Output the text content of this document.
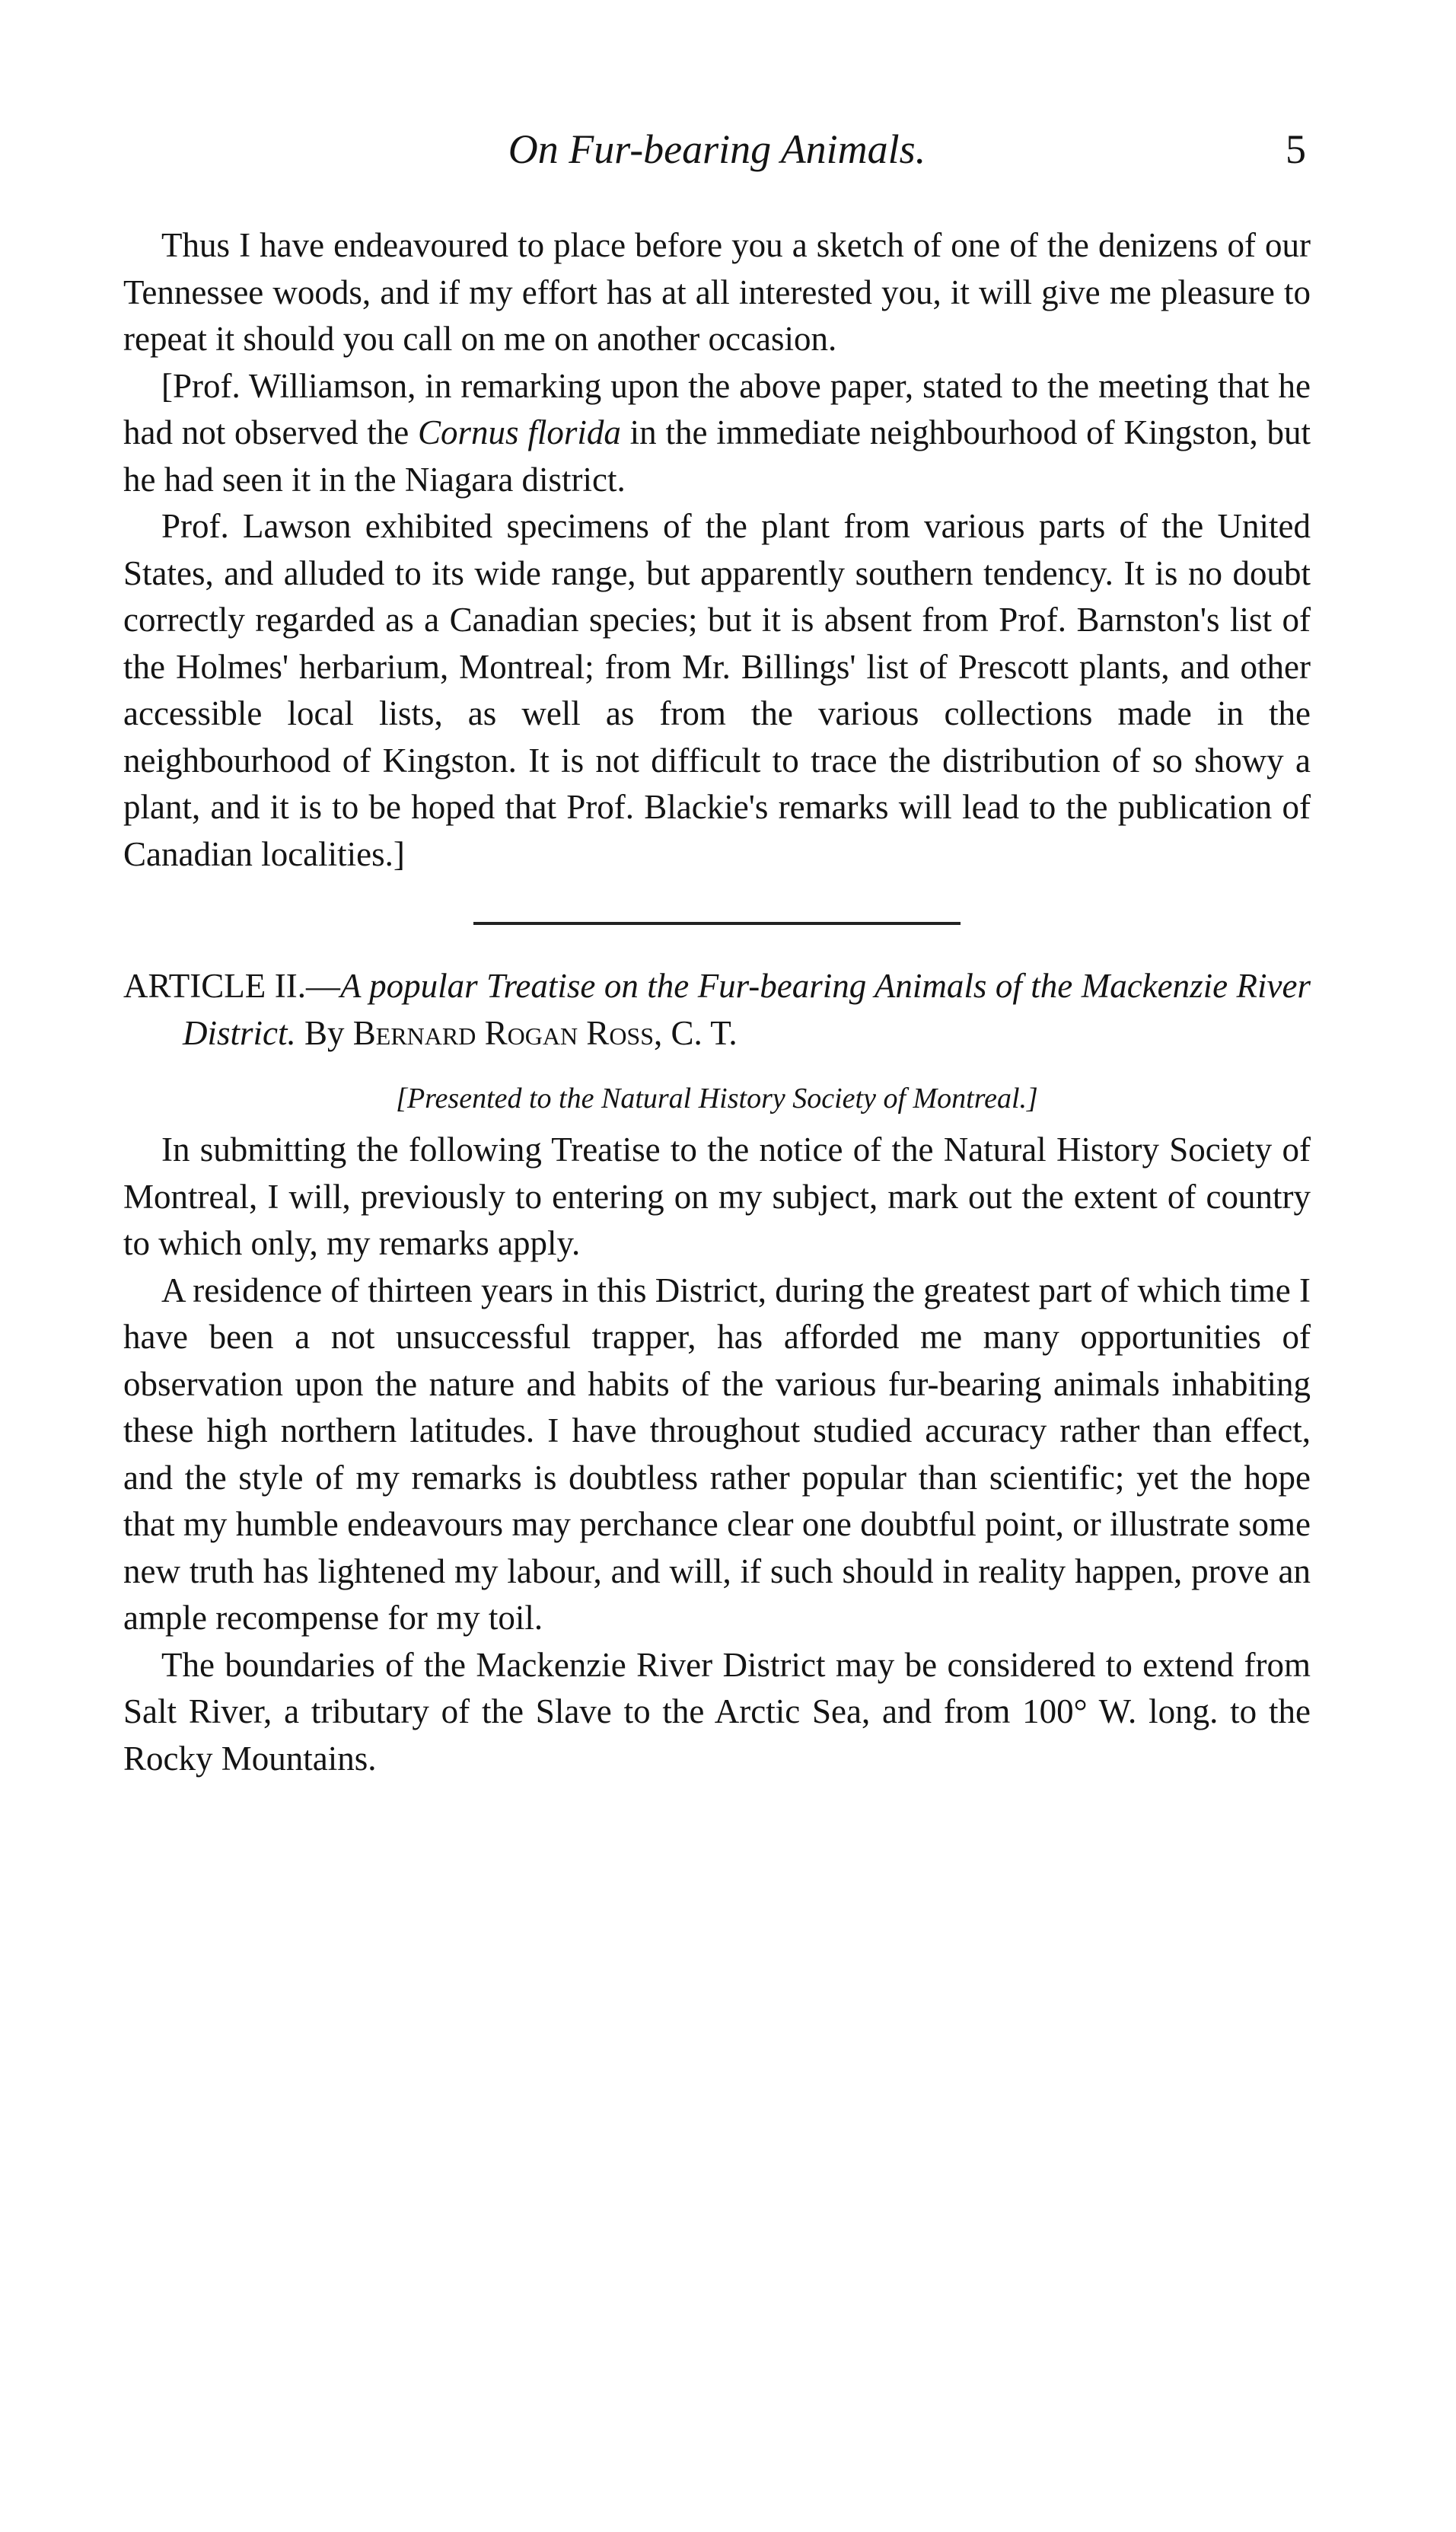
On Fur-bearing Animals.	5

Thus I have endeavoured to place before you a sketch of one of the denizens of our Tennessee woods, and if my effort has at all interested you, it will give me pleasure to repeat it should you call on me on another occasion.

[Prof. Williamson, in remarking upon the above paper, stated to the meeting that he had not observed the Cornus florida in the immediate neighbourhood of Kingston, but he had seen it in the Niagara district.

Prof. Lawson exhibited specimens of the plant from various parts of the United States, and alluded to its wide range, but apparently southern tendency. It is no doubt correctly regarded as a Canadian species; but it is absent from Prof. Barnston's list of the Holmes' herbarium, Montreal; from Mr. Billings' list of Prescott plants, and other accessible local lists, as well as from the various collections made in the neighbourhood of Kingston. It is not difficult to trace the distribution of so showy a plant, and it is to be hoped that Prof. Blackie's remarks will lead to the publication of Canadian localities.]

ARTICLE II.—A popular Treatise on the Fur-bearing Animals of the Mackenzie River District. By Bernard Rogan Ross, C. T.

[Presented to the Natural History Society of Montreal.]

In submitting the following Treatise to the notice of the Natural History Society of Montreal, I will, previously to entering on my subject, mark out the extent of country to which only, my remarks apply.

A residence of thirteen years in this District, during the greatest part of which time I have been a not unsuccessful trapper, has afforded me many opportunities of observation upon the nature and habits of the various fur-bearing animals inhabiting these high northern latitudes. I have throughout studied accuracy rather than effect, and the style of my remarks is doubtless rather popular than scientific; yet the hope that my humble endeavours may perchance clear one doubtful point, or illustrate some new truth has lightened my labour, and will, if such should in reality happen, prove an ample recompense for my toil.

The boundaries of the Mackenzie River District may be considered to extend from Salt River, a tributary of the Slave to the Arctic Sea, and from 100° W. long. to the Rocky Mountains.
